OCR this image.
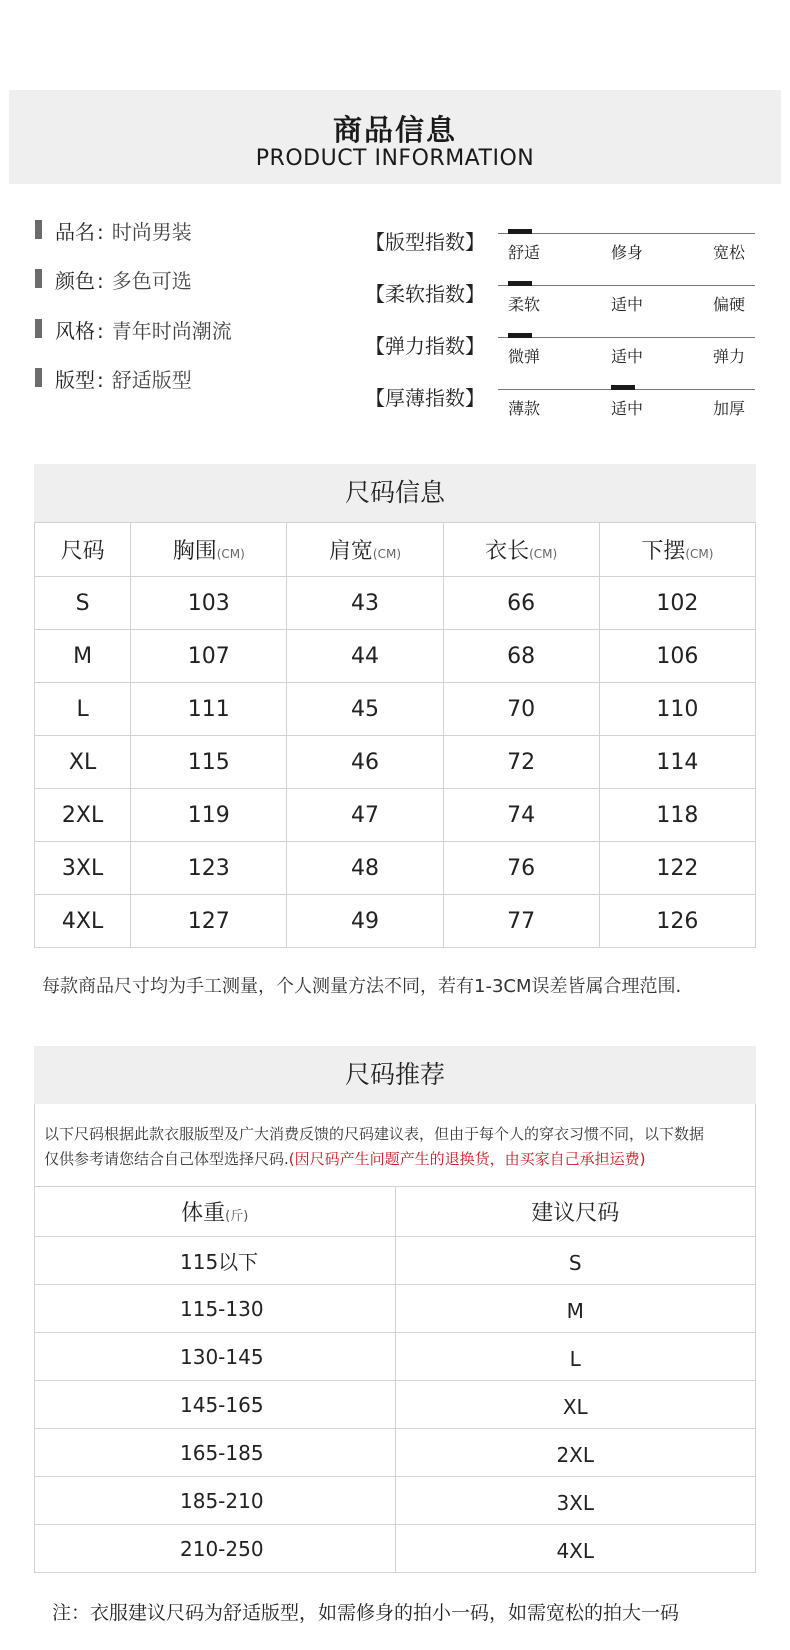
商品信息
PRODUCT INFORMATION
品名 : 时尚男装
颜色 : 多色可选
风格 : 青年时尚潮流
版型 : 舒适版型
【版型指数】 舒适	修身	宽松
【柔软指数】 柔软	适中	偏硬
【弹力指数】 微弹	适中	弹力
【厚薄指数】 薄款	适中	加厚
尺码信息
尺码	胸围(CM)	肩宽(CM)	衣长(CM)	下摆(CM)
S	103	43	66	102
M	107	44	68	106
L	111	45	70	110
XL	115	46	72	114
2XL	119	47	74	118
3XL	123	48	76	122
4XL	127	49	77	126
每款商品尺寸均为手工测量，个人测量方法不同，若有1-3CM误差皆属合理范围.
尺码推荐
以下尺码根据此款衣服版型及广大消费反馈的尺码建议表，但由于每个人的穿衣习惯不同，以下数据
仅供参考请您结合自己体型选择尺码.(因尺码产生问题产生的退换货，由买家自己承担运费)
体重(斤)	建议尺码
115以下	S
115-130	M
130-145	L
145-165	XL
165-185	2XL
185-210	3XL
210-250	4XL
注：衣服建议尺码为舒适版型，如需修身的拍小一码，如需宽松的拍大一码
